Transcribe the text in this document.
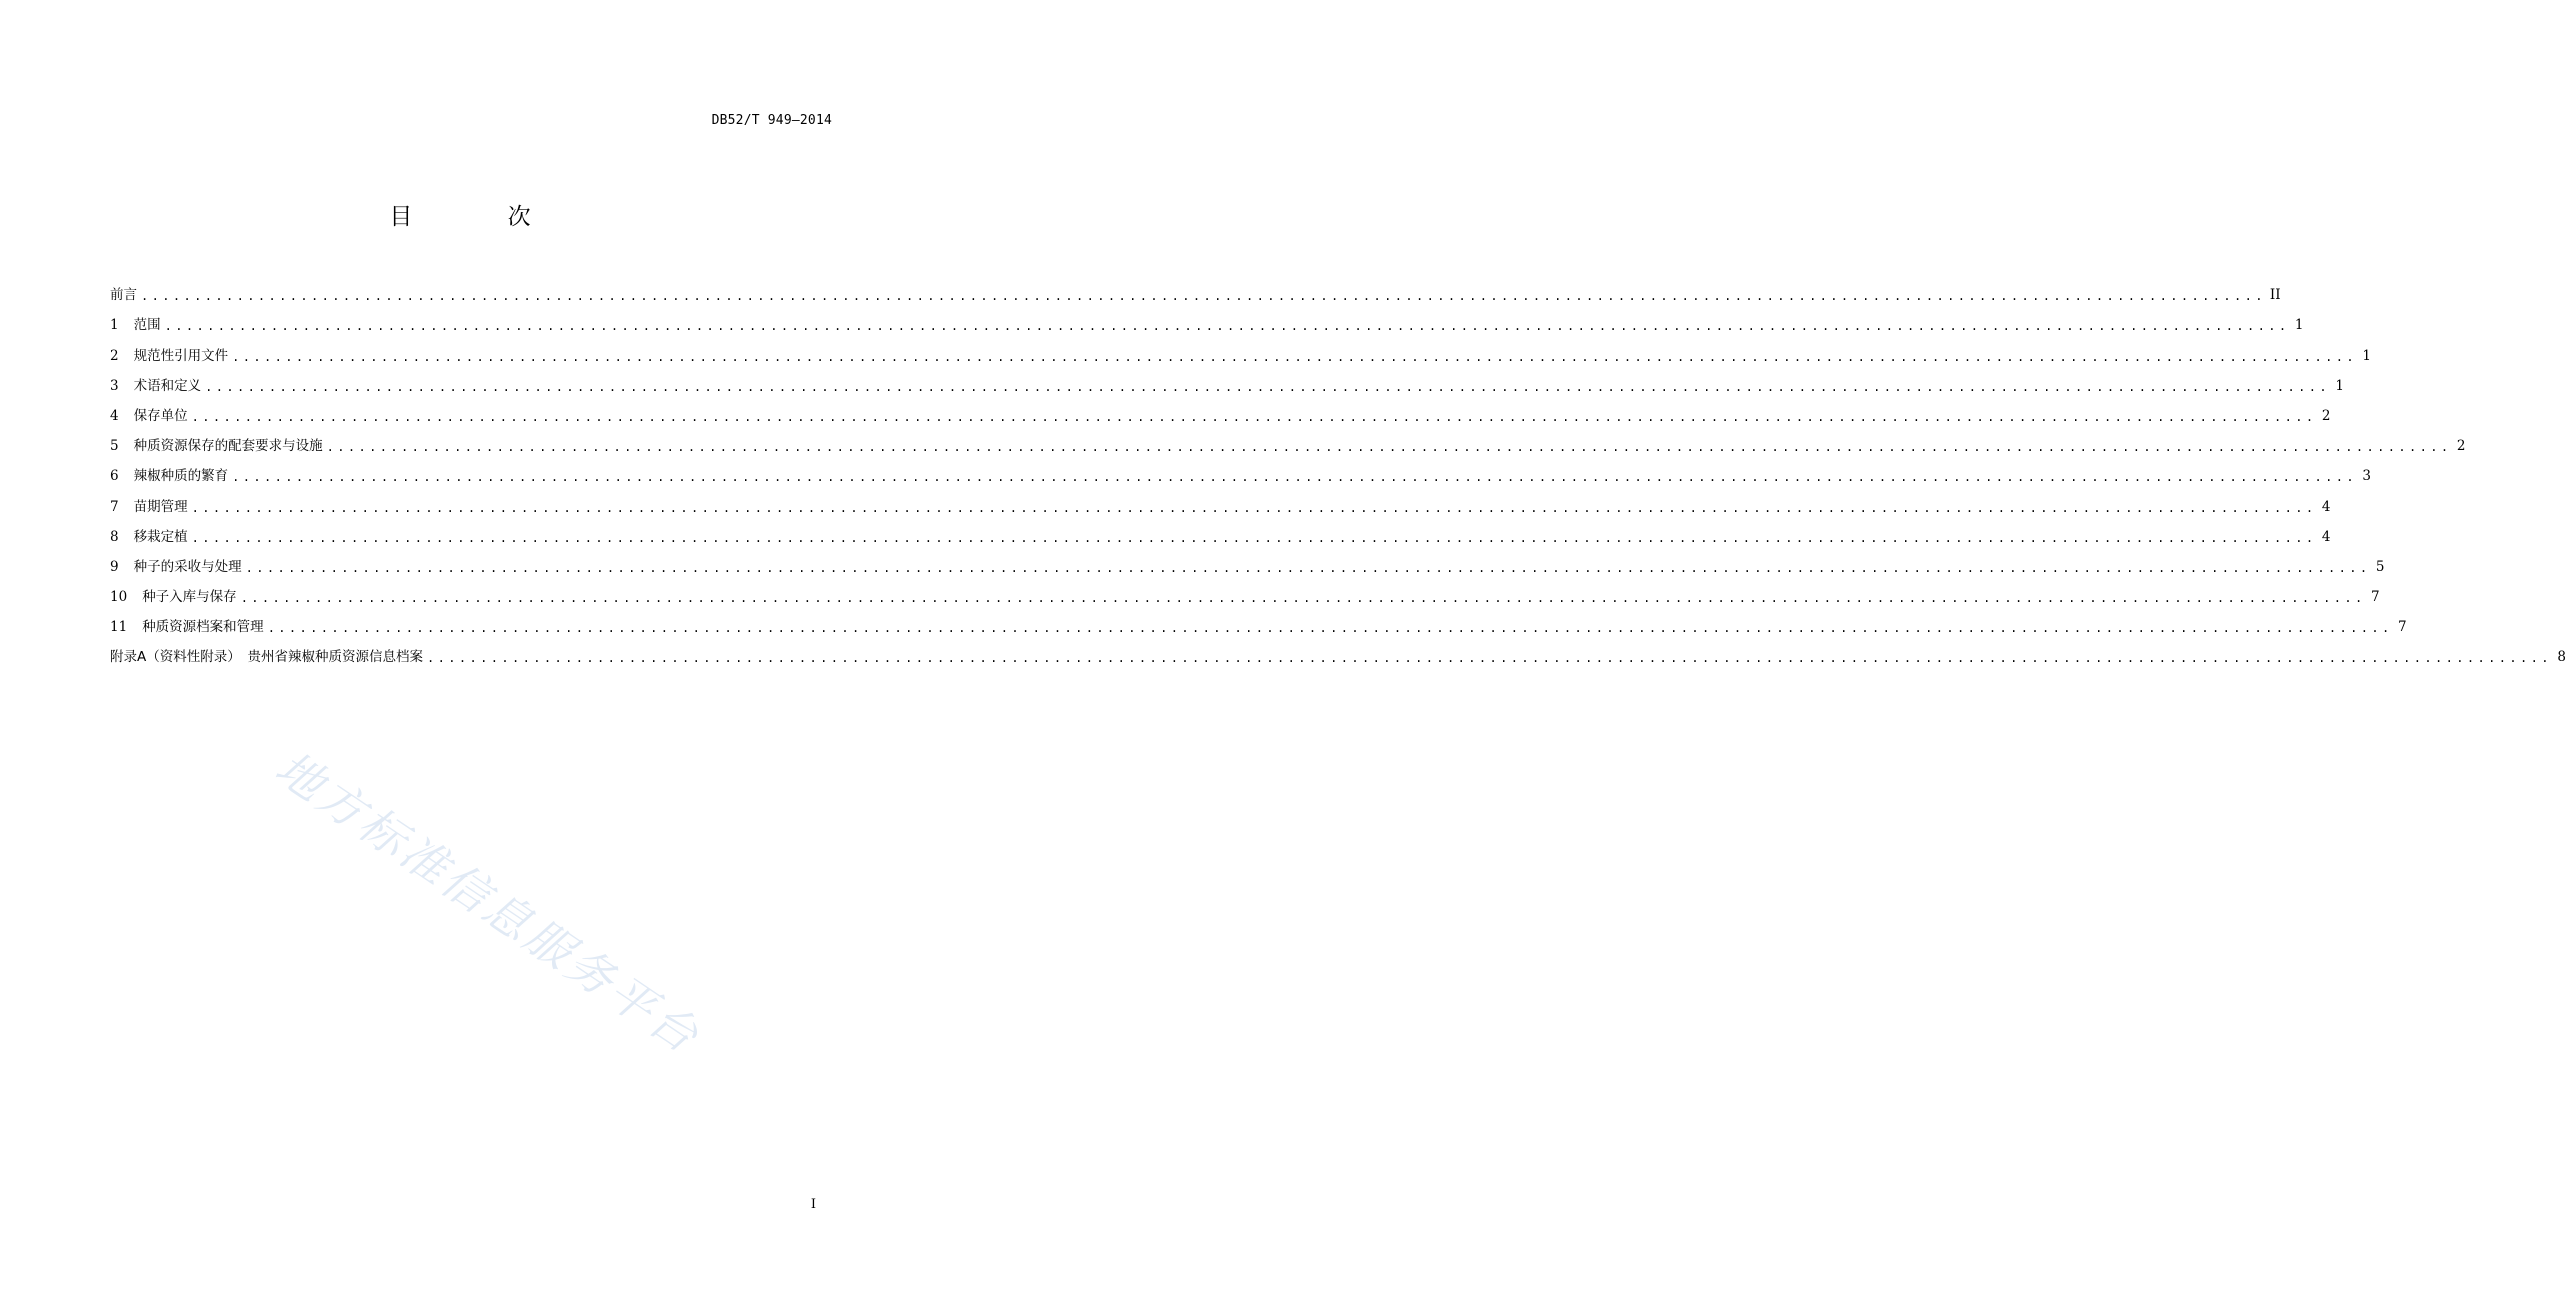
DB52/T 949—2014
目 次
前言 ........................................................................................................................................................................................................ II
1	范围 ........................................................................................................................................................................................................ 1
2	规范性引用文件 ........................................................................................................................................................................................................ 1
3	术语和定义 ........................................................................................................................................................................................................ 1
4	保存单位 ........................................................................................................................................................................................................ 2
5	种质资源保存的配套要求与设施 ........................................................................................................................................................................................................ 2
6	辣椒种质的繁育 ........................................................................................................................................................................................................ 3
7	苗期管理 ........................................................................................................................................................................................................ 4
8	移栽定植 ........................................................................................................................................................................................................ 4
9	种子的采收与处理 ........................................................................................................................................................................................................ 5
10	种子入库与保存 ........................................................................................................................................................................................................ 7
11	种质资源档案和管理 ........................................................................................................................................................................................................ 7
附录A（资料性附录）　贵州省辣椒种质资源信息档案 ........................................................................................................................................................................................................ 8
地方标准信息服务平台
I
